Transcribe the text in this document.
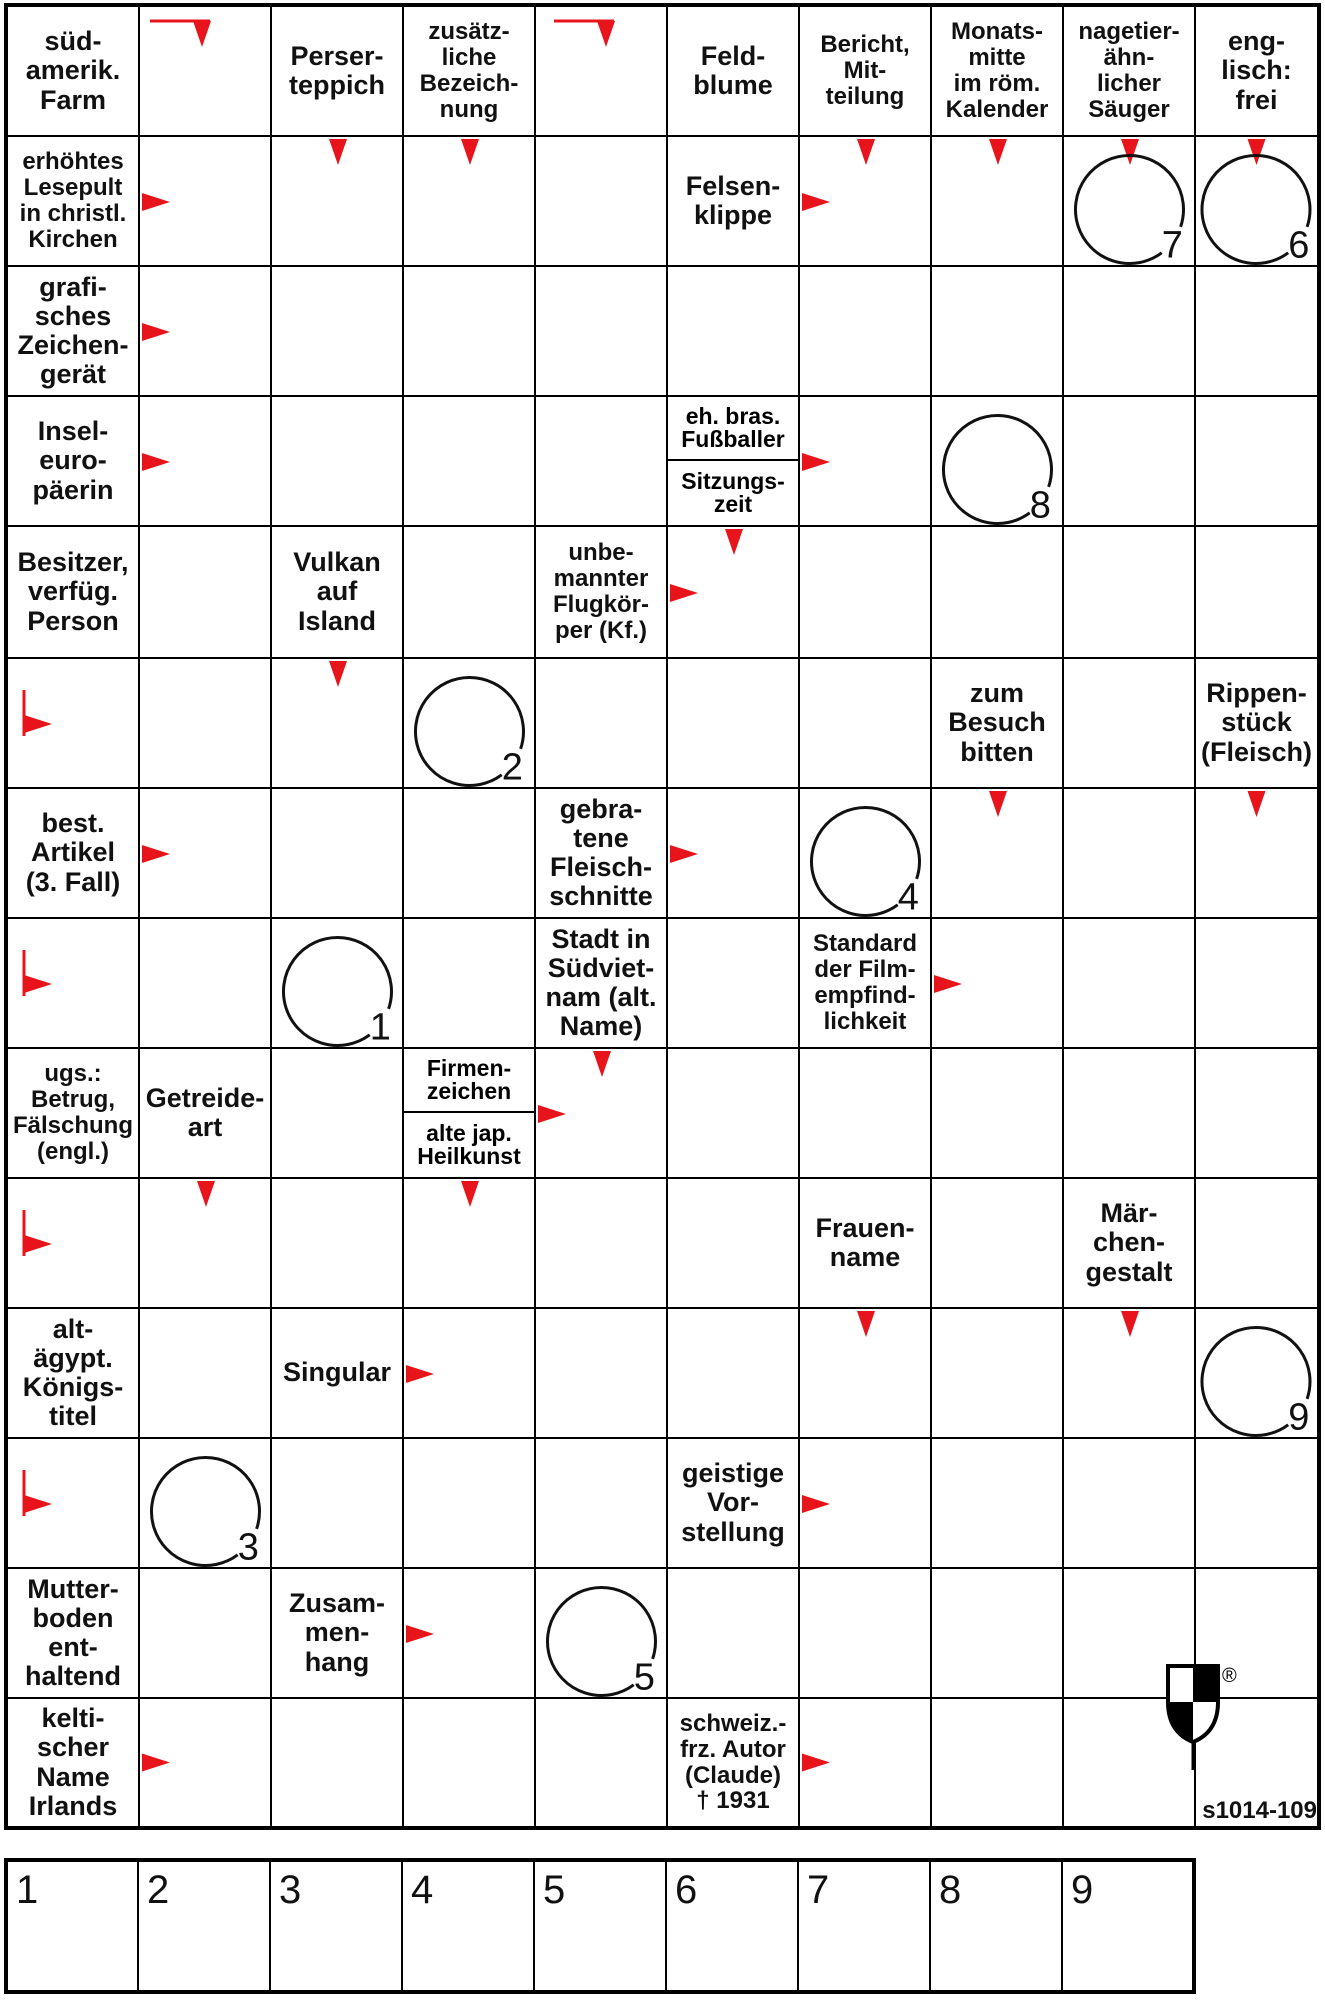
süd-
amerik.
Farm
Perser-
teppich
zusätz-
liche
Bezeich-
nung
Feld-
blume
Bericht,
Mit-
teilung
Monats-
mitte
im röm.
Kalender
nagetier-
ähn-
licher
Säuger
eng-
lisch:
frei
erhöhtes
Lesepult
in christl.
Kirchen
Felsen-
klippe
grafi-
sches
Zeichen-
gerät
Insel-
euro-
päerin
eh. bras. Fußballer
Sitzungs- zeit
Besitzer,
verfüg.
Person
Vulkan
auf
Island
unbe-
mannter
Flugkör-
per (Kf.)
zum
Besuch
bitten
Rippen-
stück
(Fleisch)
best.
Artikel
(3. Fall)
gebra-
tene
Fleisch-
schnitte
Stadt in
Südviet-
nam (alt.
Name)
Standard
der Film-
empfind-
lichkeit
ugs.:
Betrug,
Fälschung
(engl.)
Getreide-
art
Firmen- zeichen
alte jap. Heilkunst
Frauen-
name
Mär-
chen-
gestalt
alt-
ägypt.
Königs-
titel
Singular
geistige
Vor-
stellung
Mutter-
boden
ent-
haltend
Zusam-
men-
hang
kelti-
scher
Name
Irlands
schweiz.-
frz. Autor
(Claude)
† 1931
7	6
8
2
4
1
9
3
5
s1014-109
®
1	2	3	4	5	6	7	8	9
